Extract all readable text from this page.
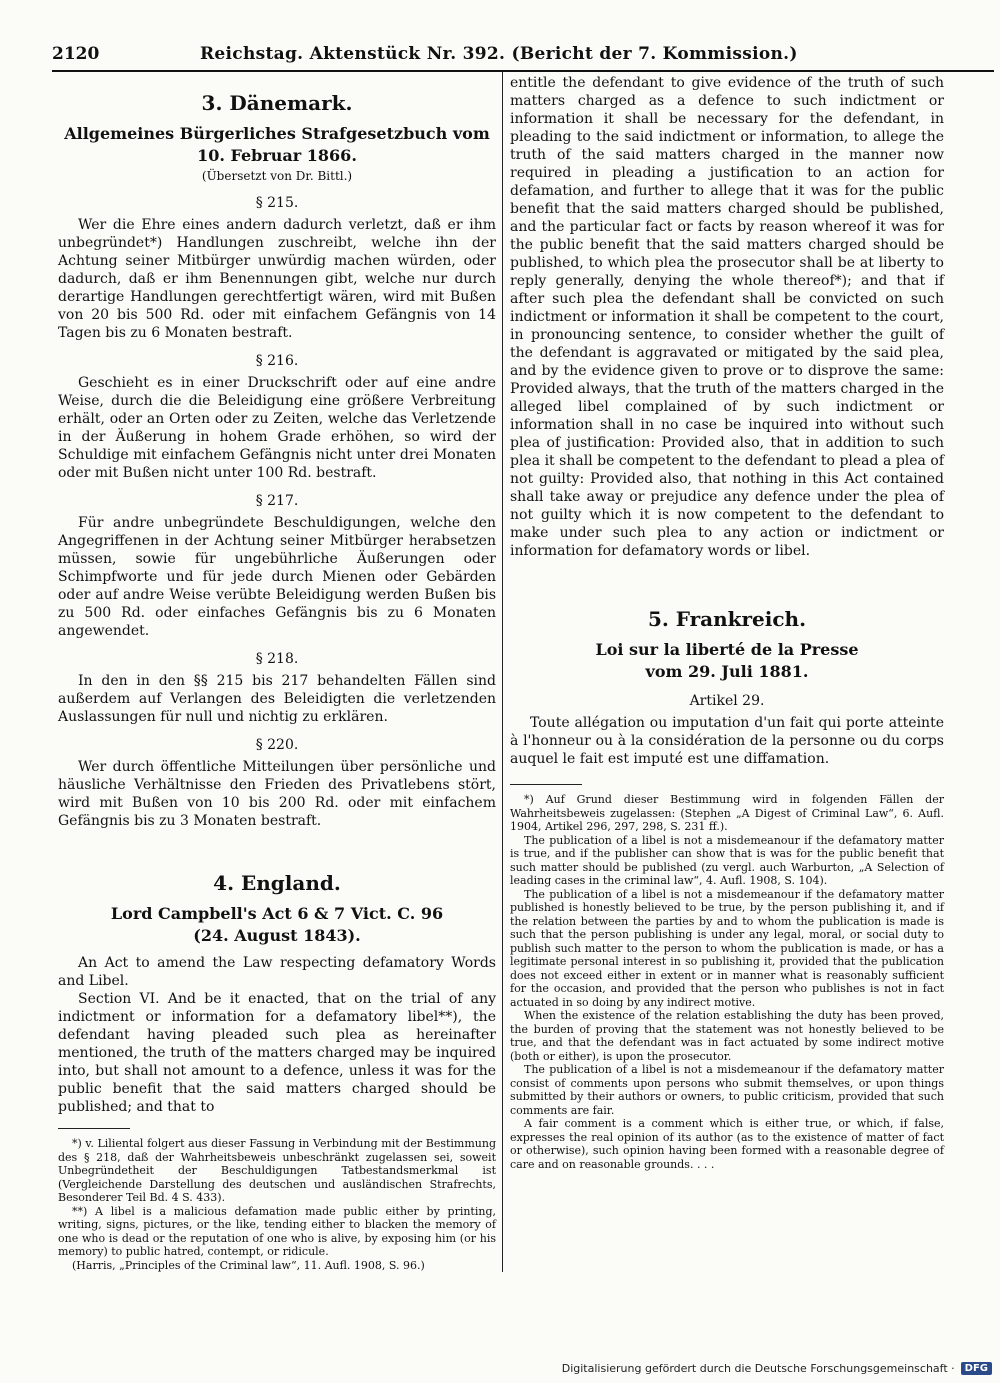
2120	Reichstag. Aktenstück Nr. 392. (Bericht der 7. Kommission.)
3. Dänemark.
Allgemeines Bürgerliches Strafgesetzbuch vom
10. Februar 1866.
(Übersetzt von Dr. Bittl.)
§ 215.

Wer die Ehre eines andern dadurch verletzt, daß er ihm unbegründet*) Handlungen zuschreibt, welche ihn der Achtung seiner Mitbürger unwürdig machen würden, oder dadurch, daß er ihm Benennungen gibt, welche nur durch derartige Handlungen gerechtfertigt wären, wird mit Bußen von 20 bis 500 Rd. oder mit einfachem Gefängnis von 14 Tagen bis zu 6 Monaten bestraft.

§ 216.

Geschieht es in einer Druckschrift oder auf eine andre Weise, durch die die Beleidigung eine größere Verbreitung erhält, oder an Orten oder zu Zeiten, welche das Verletzende in der Äußerung in hohem Grade erhöhen, so wird der Schuldige mit einfachem Gefängnis nicht unter drei Monaten oder mit Bußen nicht unter 100 Rd. bestraft.

§ 217.

Für andre unbegründete Beschuldigungen, welche den Angegriffenen in der Achtung seiner Mitbürger herabsetzen müssen, sowie für ungebührliche Äußerungen oder Schimpfworte und für jede durch Mienen oder Gebärden oder auf andre Weise verübte Beleidigung werden Bußen bis zu 500 Rd. oder einfaches Gefängnis bis zu 6 Monaten angewendet.

§ 218.

In den in den §§ 215 bis 217 behandelten Fällen sind außerdem auf Verlangen des Beleidigten die verletzenden Auslassungen für null und nichtig zu erklären.

§ 220.

Wer durch öffentliche Mitteilungen über persönliche und häusliche Verhältnisse den Frieden des Privatlebens stört, wird mit Bußen von 10 bis 200 Rd. oder mit einfachem Gefängnis bis zu 3 Monaten bestraft.

4. England.
Lord Campbell's Act 6 & 7 Vict. C. 96
(24. August 1843).

An Act to amend the Law respecting defamatory Words and Libel.

Section VI. And be it enacted, that on the trial of any indictment or information for a defamatory libel**), the defendant having pleaded such plea as hereinafter mentioned, the truth of the matters charged may be inquired into, but shall not amount to a defence, unless it was for the public benefit that the said matters charged should be published; and that to

*) v. Liliental folgert aus dieser Fassung in Verbindung mit der Bestimmung des § 218, daß der Wahrheitsbeweis unbeschränkt zugelassen sei, soweit Unbegründetheit der Beschuldigungen Tatbestandsmerkmal ist (Vergleichende Darstellung des deutschen und ausländischen Strafrechts, Besonderer Teil Bd. 4 S. 433).

**) A libel is a malicious defamation made public either by printing, writing, signs, pictures, or the like, tending either to blacken the memory of one who is dead or the reputation of one who is alive, by exposing him (or his memory) to public hatred, contempt, or ridicule.

(Harris, „Principles of the Criminal law“, 11. Aufl. 1908, S. 96.)

entitle the defendant to give evidence of the truth of such matters charged as a defence to such indictment or information it shall be necessary for the defendant, in pleading to the said indictment or information, to allege the truth of the said matters charged in the manner now required in pleading a justification to an action for defamation, and further to allege that it was for the public benefit that the said matters charged should be published, and the particular fact or facts by reason whereof it was for the public benefit that the said matters charged should be published, to which plea the prosecutor shall be at liberty to reply generally, denying the whole thereof*); and that if after such plea the defendant shall be convicted on such indictment or information it shall be competent to the court, in pronouncing sentence, to consider whether the guilt of the defendant is aggravated or mitigated by the said plea, and by the evidence given to prove or to disprove the same: Provided always, that the truth of the matters charged in the alleged libel complained of by such indictment or information shall in no case be inquired into without such plea of justification: Provided also, that in addition to such plea it shall be competent to the defendant to plead a plea of not guilty: Provided also, that nothing in this Act contained shall take away or prejudice any defence under the plea of not guilty which it is now competent to the defendant to make under such plea to any action or indictment or information for defamatory words or libel.

5. Frankreich.
Loi sur la liberté de la Presse
vom 29. Juli 1881.
Artikel 29.

Toute allégation ou imputation d'un fait qui porte atteinte à l'honneur ou à la considération de la personne ou du corps auquel le fait est imputé est une diffamation.

*) Auf Grund dieser Bestimmung wird in folgenden Fällen der Wahrheitsbeweis zugelassen: (Stephen „A Digest of Criminal Law“, 6. Aufl. 1904, Artikel 296, 297, 298, S. 231 ff.).

The publication of a libel is not a misdemeanour if the defamatory matter is true, and if the publisher can show that is was for the public benefit that such matter should be published (zu vergl. auch Warburton, „A Selection of leading cases in the criminal law“, 4. Aufl. 1908, S. 104).

The publication of a libel is not a misdemeanour if the defamatory matter published is honestly believed to be true, by the person publishing it, and if the relation between the parties by and to whom the publication is made is such that the person publishing is under any legal, moral, or social duty to publish such matter to the person to whom the publication is made, or has a legitimate personal interest in so publishing it, provided that the publication does not exceed either in extent or in manner what is reasonably sufficient for the occasion, and provided that the person who publishes is not in fact actuated in so doing by any indirect motive.

When the existence of the relation establishing the duty has been proved, the burden of proving that the statement was not honestly believed to be true, and that the defendant was in fact actuated by some indirect motive (both or either), is upon the prosecutor.

The publication of a libel is not a misdemeanour if the defamatory matter consist of comments upon persons who submit themselves, or upon things submitted by their authors or owners, to public criticism, provided that such comments are fair.

A fair comment is a comment which is either true, or which, if false, expresses the real opinion of its author (as to the existence of matter of fact or otherwise), such opinion having been formed with a reasonable degree of care and on reasonable grounds. . . .

Digitalisierung gefördert durch die Deutsche Forschungsgemeinschaft ·	DFG
